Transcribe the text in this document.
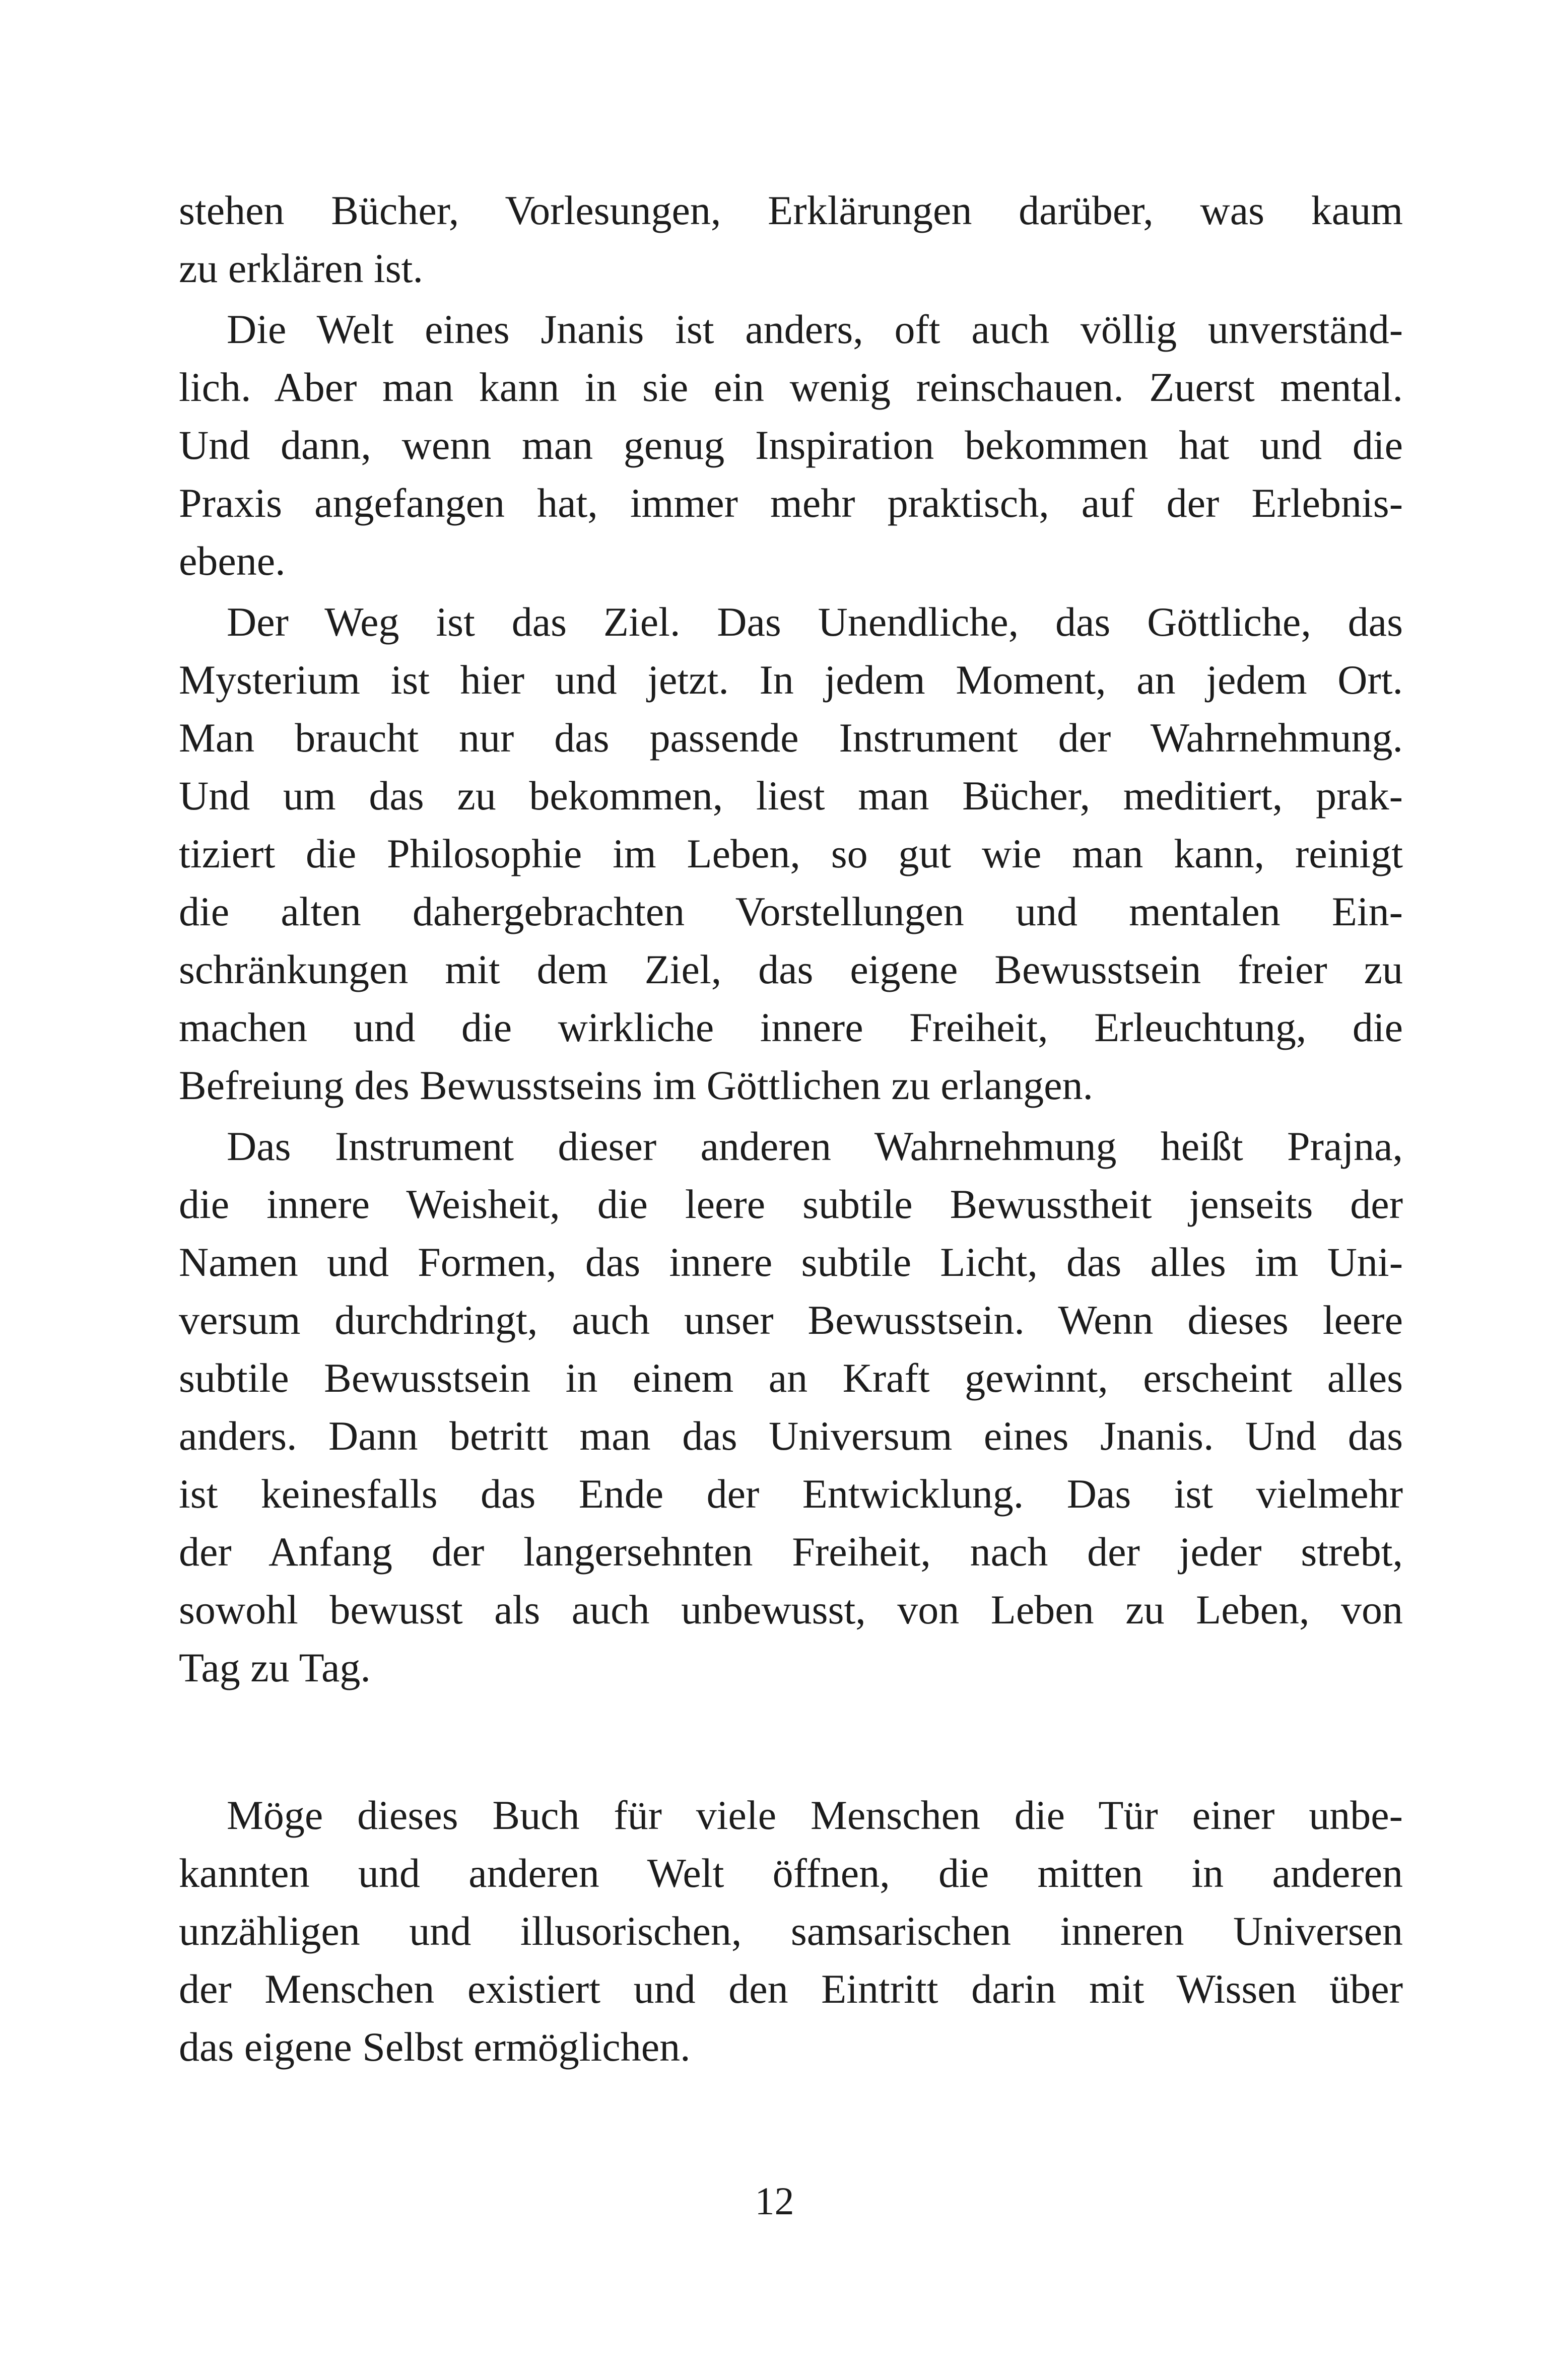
stehen Bücher, Vorlesungen, Erklärungen darüber, was kaum
zu erklären ist.
Die Welt eines Jnanis ist anders, oft auch völlig unverständ-
lich. Aber man kann in sie ein wenig reinschauen. Zuerst mental.
Und dann, wenn man genug Inspiration bekommen hat und die
Praxis angefangen hat, immer mehr praktisch, auf der Erlebnis-
ebene.
Der Weg ist das Ziel. Das Unendliche, das Göttliche, das
Mysterium ist hier und jetzt. In jedem Moment, an jedem Ort.
Man braucht nur das passende Instrument der Wahrnehmung.
Und um das zu bekommen, liest man Bücher, meditiert, prak-
tiziert die Philosophie im Leben, so gut wie man kann, reinigt
die alten dahergebrachten Vorstellungen und mentalen Ein-
schränkungen mit dem Ziel, das eigene Bewusstsein freier zu
machen und die wirkliche innere Freiheit, Erleuchtung, die
Befreiung des Bewusstseins im Göttlichen zu erlangen.
Das Instrument dieser anderen Wahrnehmung heißt Prajna,
die innere Weisheit, die leere subtile Bewusstheit jenseits der
Namen und Formen, das innere subtile Licht, das alles im Uni-
versum durchdringt, auch unser Bewusstsein. Wenn dieses leere
subtile Bewusstsein in einem an Kraft gewinnt, erscheint alles
anders. Dann betritt man das Universum eines Jnanis. Und das
ist keinesfalls das Ende der Entwicklung. Das ist vielmehr
der Anfang der langersehnten Freiheit, nach der jeder strebt,
sowohl bewusst als auch unbewusst, von Leben zu Leben, von
Tag zu Tag.
Möge dieses Buch für viele Menschen die Tür einer unbe-
kannten und anderen Welt öffnen, die mitten in anderen
unzähligen und illusorischen, samsarischen inneren Universen
der Menschen existiert und den Eintritt darin mit Wissen über
das eigene Selbst ermöglichen.
12
